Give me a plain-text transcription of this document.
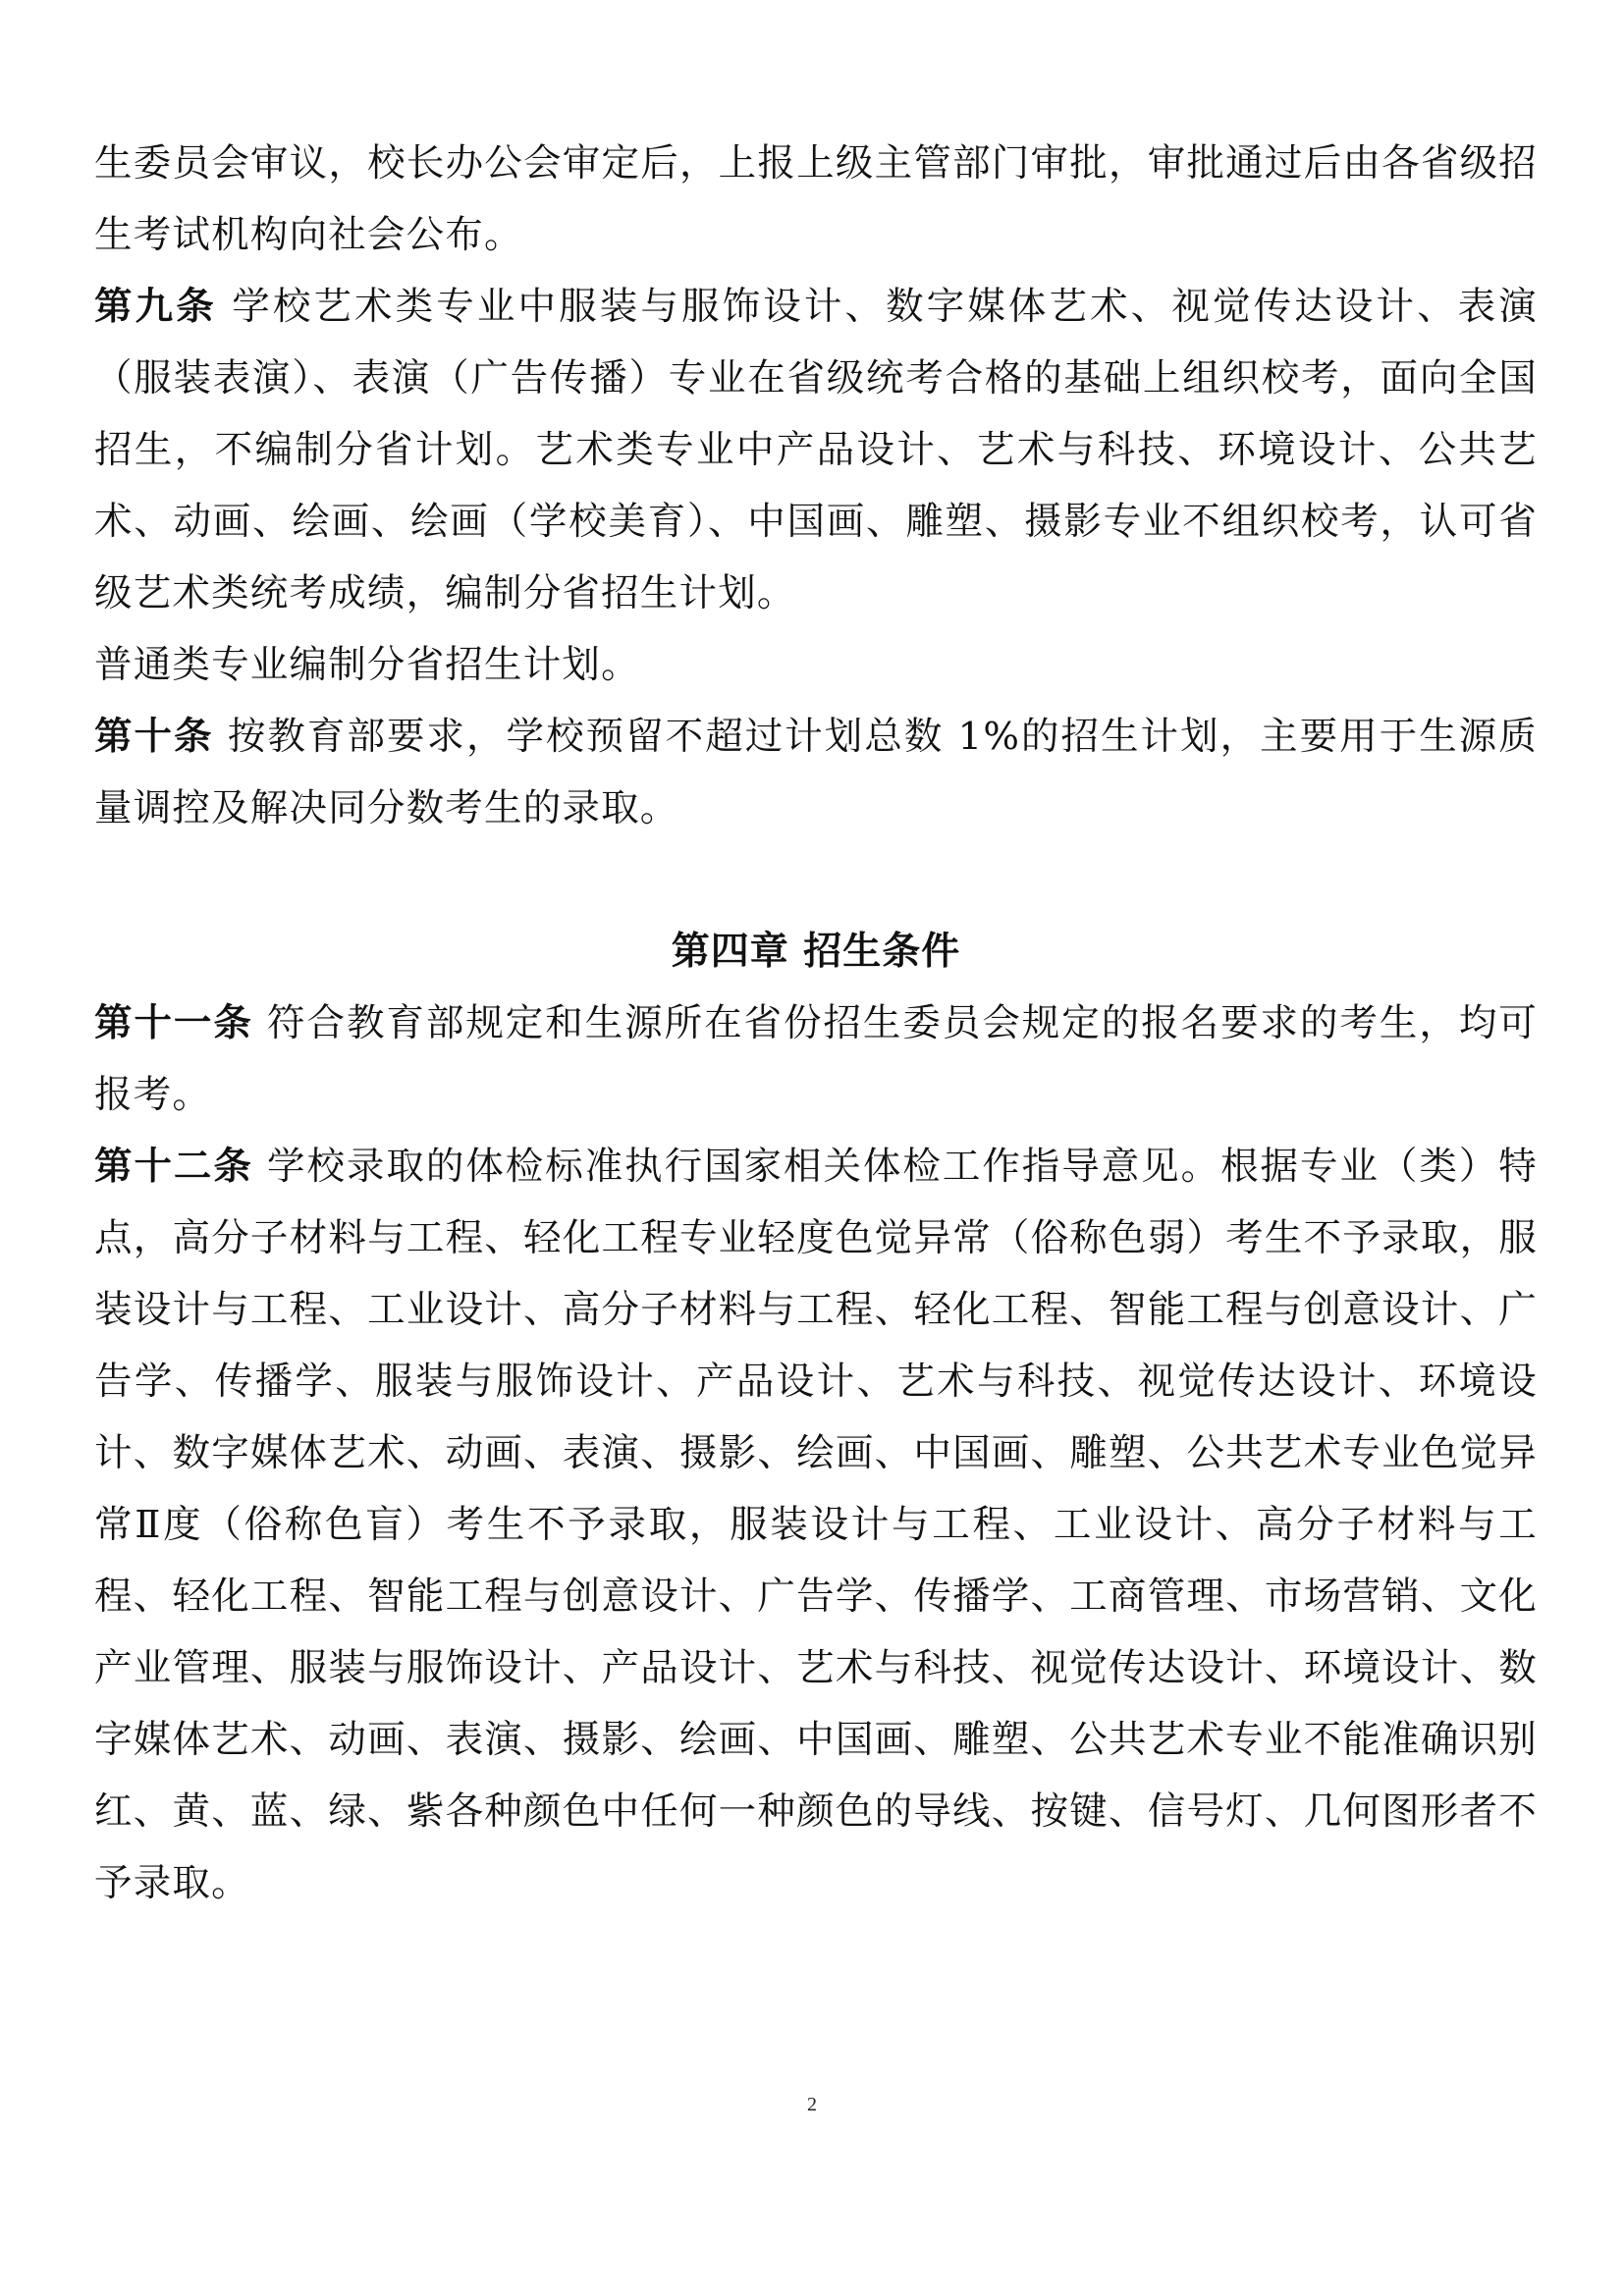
生委员会审议，校长办公会审定后，上报上级主管部门审批，审批通过后由各省级招生考试机构向社会公布。

第九条 学校艺术类专业中服装与服饰设计、数字媒体艺术、视觉传达设计、表演（服装表演）、表演（广告传播）专业在省级统考合格的基础上组织校考，面向全国招生，不编制分省计划。艺术类专业中产品设计、艺术与科技、环境设计、公共艺术、动画、绘画、绘画（学校美育）、中国画、雕塑、摄影专业不组织校考，认可省级艺术类统考成绩，编制分省招生计划。

普通类专业编制分省招生计划。

第十条 按教育部要求，学校预留不超过计划总数 1%的招生计划，主要用于生源质量调控及解决同分数考生的录取。

第四章 招生条件

第十一条 符合教育部规定和生源所在省份招生委员会规定的报名要求的考生，均可报考。

第十二条 学校录取的体检标准执行国家相关体检工作指导意见。根据专业（类）特点，高分子材料与工程、轻化工程专业轻度色觉异常（俗称色弱）考生不予录取，服装设计与工程、工业设计、高分子材料与工程、轻化工程、智能工程与创意设计、广告学、传播学、服装与服饰设计、产品设计、艺术与科技、视觉传达设计、环境设计、数字媒体艺术、动画、表演、摄影、绘画、中国画、雕塑、公共艺术专业色觉异常Ⅱ度（俗称色盲）考生不予录取，服装设计与工程、工业设计、高分子材料与工程、轻化工程、智能工程与创意设计、广告学、传播学、工商管理、市场营销、文化产业管理、服装与服饰设计、产品设计、艺术与科技、视觉传达设计、环境设计、数字媒体艺术、动画、表演、摄影、绘画、中国画、雕塑、公共艺术专业不能准确识别红、黄、蓝、绿、紫各种颜色中任何一种颜色的导线、按键、信号灯、几何图形者不予录取。

2
